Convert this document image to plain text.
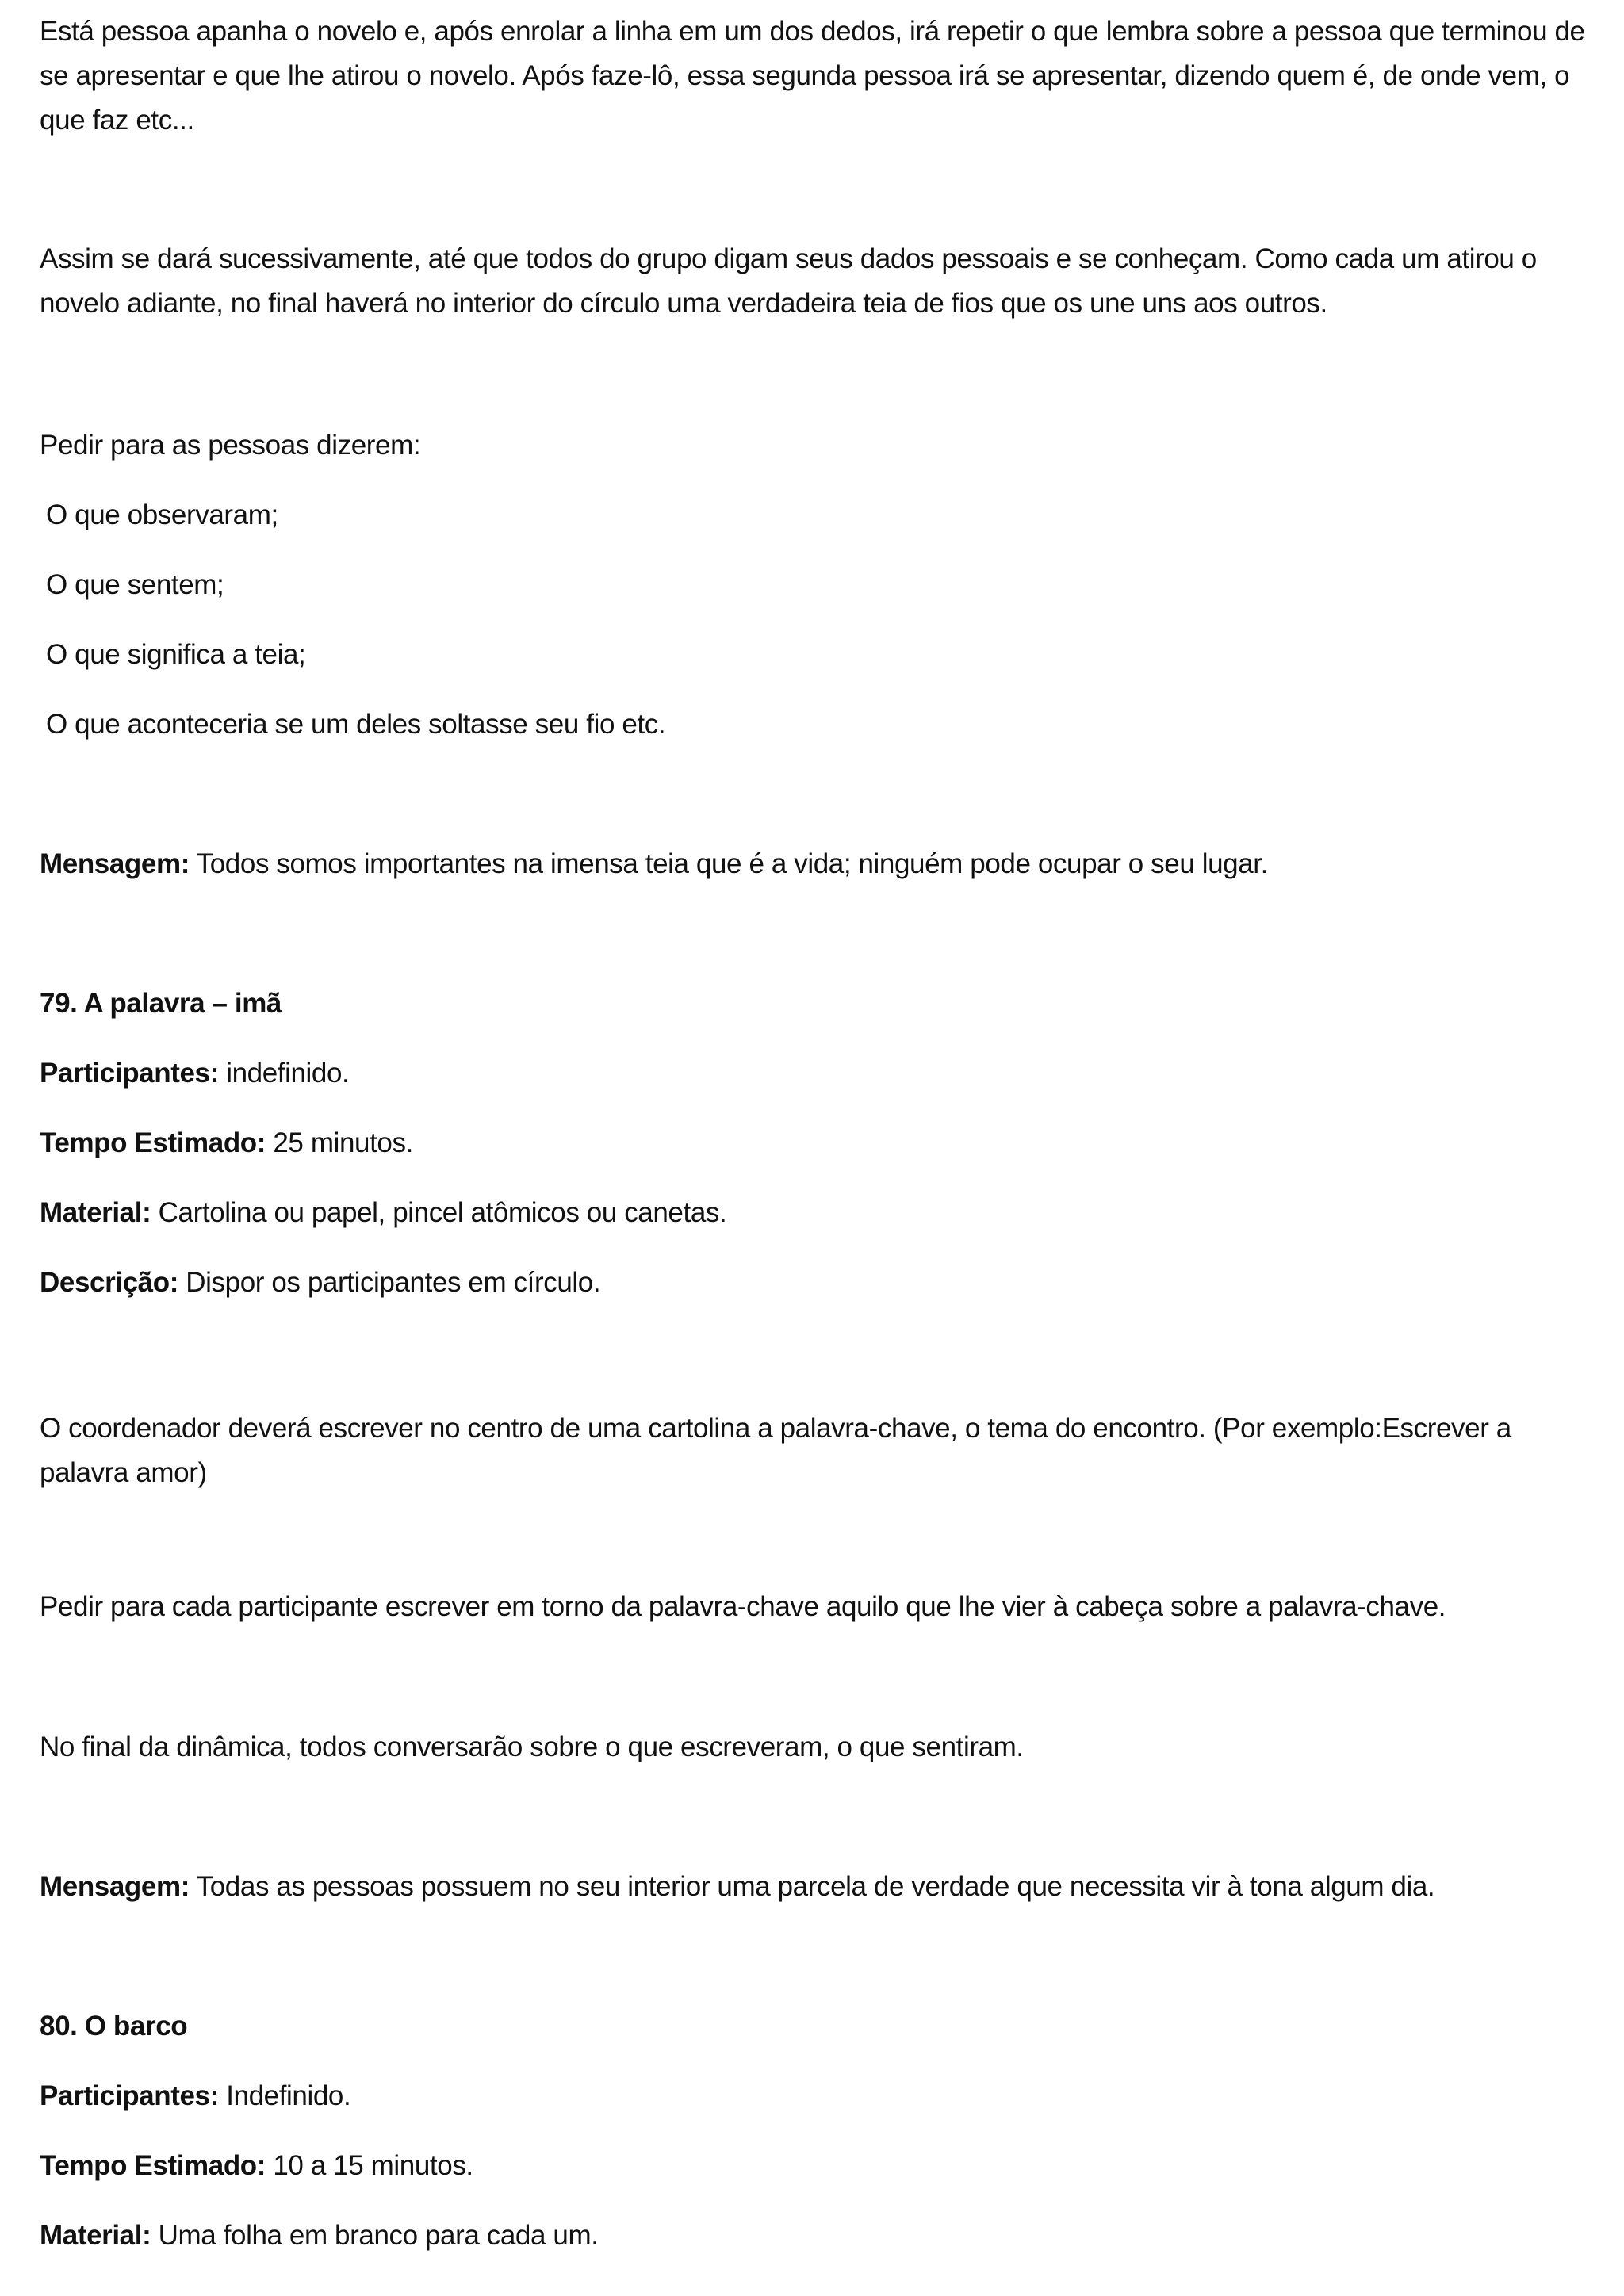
Está pessoa apanha o novelo e, após enrolar a linha em um dos dedos, irá repetir o que lembra sobre a pessoa que terminou de se apresentar e que lhe atirou o novelo. Após faze-lô, essa segunda pessoa irá se apresentar, dizendo quem é, de onde vem, o que faz etc...

Assim se dará sucessivamente, até que todos do grupo digam seus dados pessoais e se conheçam. Como cada um atirou o novelo adiante, no final haverá no interior do círculo uma verdadeira teia de fios que os une uns aos outros.

Pedir para as pessoas dizerem:

O que observaram;

O que sentem;

O que significa a teia;

O que aconteceria se um deles soltasse seu fio etc.

Mensagem: Todos somos importantes na imensa teia que é a vida; ninguém pode ocupar o seu lugar.

79. A palavra – imã

Participantes: indefinido.

Tempo Estimado: 25 minutos.

Material: Cartolina ou papel, pincel atômicos ou canetas.

Descrição: Dispor os participantes em círculo.

O coordenador deverá escrever no centro de uma cartolina a palavra-chave, o tema do encontro. (Por exemplo:Escrever a palavra amor)

Pedir para cada participante escrever em torno da palavra-chave aquilo que lhe vier à cabeça sobre a palavra-chave.

No final da dinâmica, todos conversarão sobre o que escreveram, o que sentiram.

Mensagem: Todas as pessoas possuem no seu interior uma parcela de verdade que necessita vir à tona algum dia.

80. O barco

Participantes: Indefinido.

Tempo Estimado: 10 a 15 minutos.

Material: Uma folha em branco para cada um.
